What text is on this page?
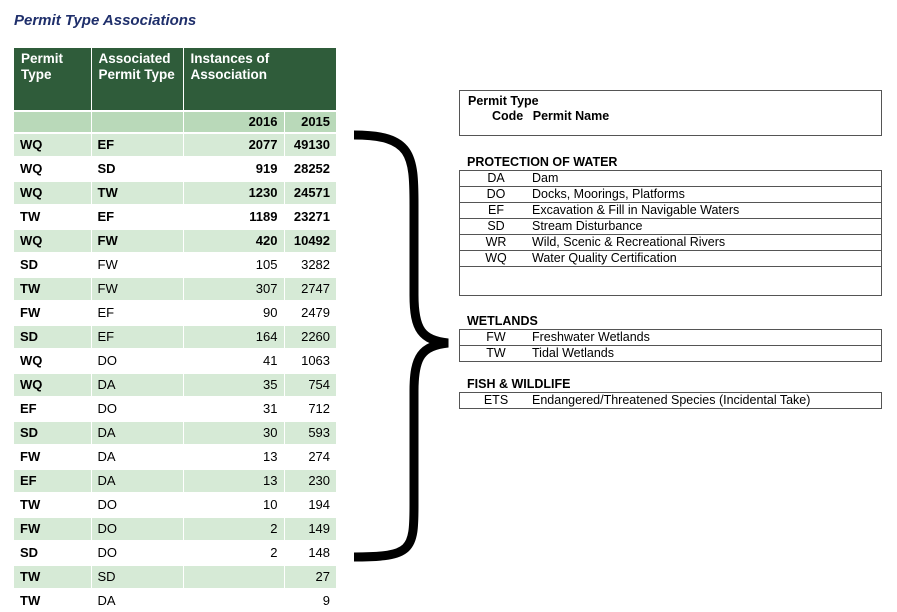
Permit Type Associations
Permit Type	Associated Permit Type	Instances of Association	
		2016	2015
WQ	EF	2077	49130
WQ	SD	919	28252
WQ	TW	1230	24571
TW	EF	1189	23271
WQ	FW	420	10492
SD	FW	105	3282
TW	FW	307	2747
FW	EF	90	2479
SD	EF	164	2260
WQ	DO	41	1063
WQ	DA	35	754
EF	DO	31	712
SD	DA	30	593
FW	DA	13	274
EF	DA	13	230
TW	DO	10	194
FW	DO	2	149
SD	DO	2	148
TW	SD		27
TW	DA		9
Permit Type
Code Permit Name
PROTECTION OF WATER
DA	Dam
DO	Docks, Moorings, Platforms
EF	Excavation & Fill in Navigable Waters
SD	Stream Disturbance
WR	Wild, Scenic & Recreational Rivers
WQ	Water Quality Certification
WETLANDS
FW	Freshwater Wetlands
TW	Tidal Wetlands
FISH & WILDLIFE
ETS	Endangered/Threatened Species (Incidental Take)
